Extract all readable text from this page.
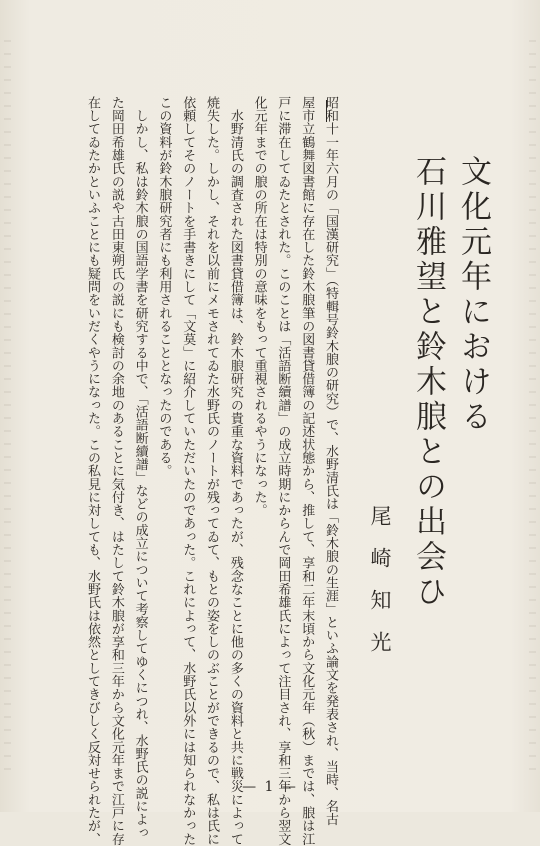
文化元年における
石川雅望と鈴木朖との出会ひ
尾崎知光

昭和十一年六月の「国漢研究」（特輯号鈴木朖の研究）で、水野清氏は「鈴木朖の生涯」といふ論文を発表され、当時、名古

屋市立鶴舞図書館に存在した鈴木朖筆の図書貸借簿の記述状態から、推して、享和二年末頃から文化元年（秋）までは、朖は江

戸に滞在してゐたとされた。このことは「活語断續譜」の成立時期にからんで岡田希雄氏によって注目され、享和三年から翌文

化元年までの朖の所在は特別の意味をもって重視されるやうになった。

　水野清氏の調査された図書貸借簿は、鈴木朖研究の貴重な資料であったが、残念なことに他の多くの資料と共に戦災によって

焼失した。しかし、それを以前にメモされてゐた水野氏のノートが残ってゐて、もとの姿をしのぶことができるので、私は氏に

依頼してそのノートを手書きにして「文莫」に紹介していただいたのであった。これによって、水野氏以外には知られなかった

この資料が鈴木朖研究者にも利用されることとなったのである。

　しかし、私は鈴木朖の国語学書を研究する中で、「活語断續譜」などの成立について考察してゆくにつれ、水野氏の説によっ

た岡田希雄氏の説や古田東朔氏の説にも検討の余地のあることに気付き、はたして鈴木朖が享和三年から文化元年まで江戸に存

在してゐたかといふことにも疑問をいだくやうになった。この私見に対しても、水野氏は依然としてきびしく反対せられたが、	— 1 —
